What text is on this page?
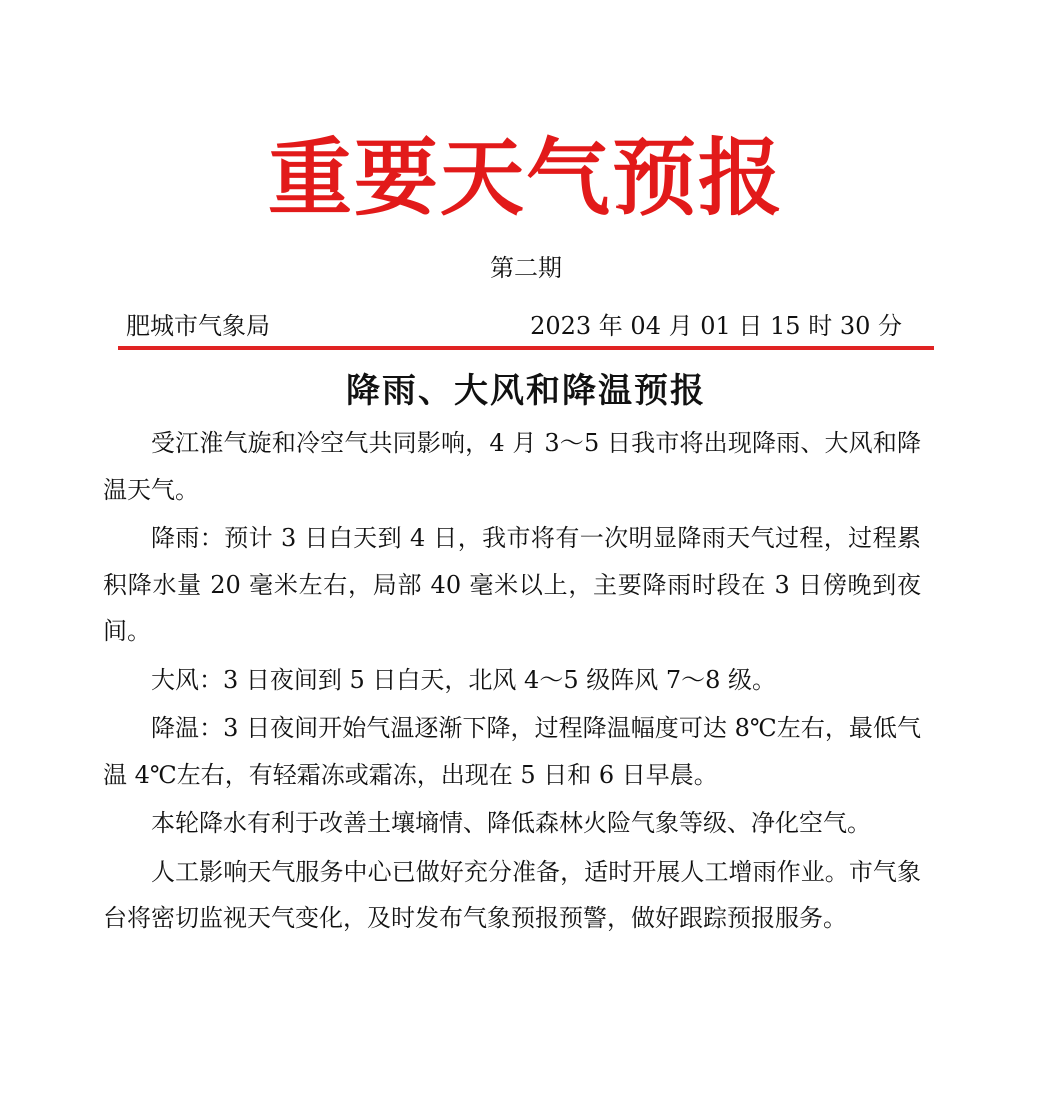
重要天气预报
第二期
肥城市气象局	2023 年 04 月 01 日 15 时 30 分
降雨、大风和降温预报

受江淮气旋和冷空气共同影响，4 月 3～5 日我市将出现降雨、大风和降温天气。

降雨：预计 3 日白天到 4 日，我市将有一次明显降雨天气过程，过程累积降水量 20 毫米左右，局部 40 毫米以上，主要降雨时段在 3 日傍晚到夜间。

大风：3 日夜间到 5 日白天，北风 4～5 级阵风 7～8 级。

降温：3 日夜间开始气温逐渐下降，过程降温幅度可达 8℃左右，最低气温 4℃左右，有轻霜冻或霜冻，出现在 5 日和 6 日早晨。

本轮降水有利于改善土壤墒情、降低森林火险气象等级、净化空气。

人工影响天气服务中心已做好充分准备，适时开展人工增雨作业。市气象台将密切监视天气变化，及时发布气象预报预警，做好跟踪预报服务。
